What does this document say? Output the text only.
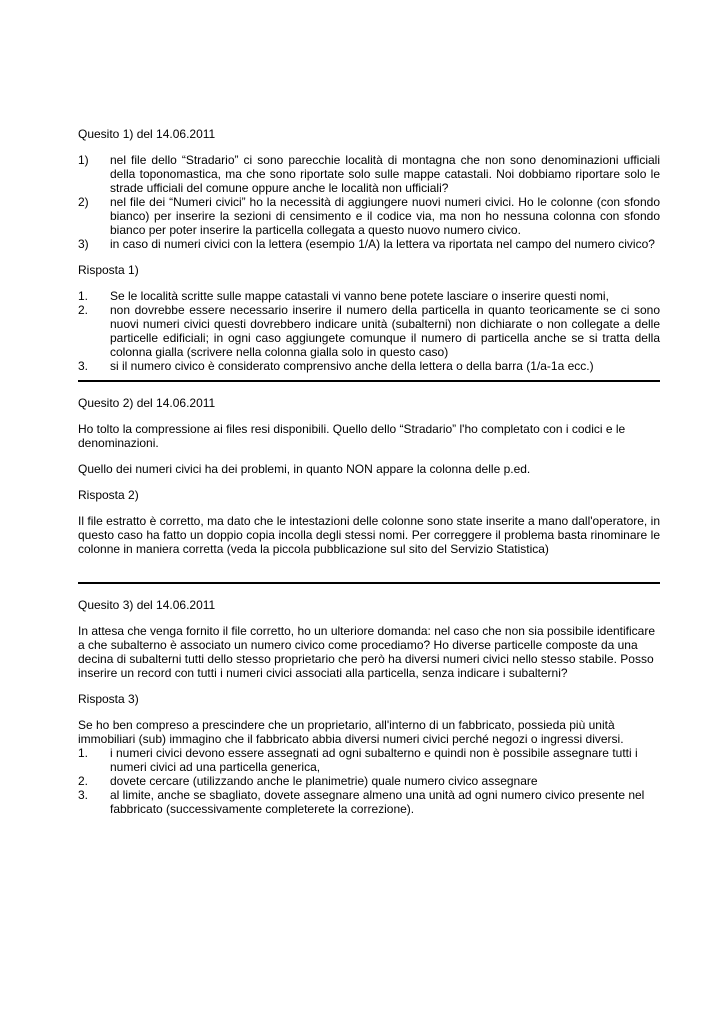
Quesito 1) del 14.06.2011

1) nel file dello “Stradario” ci sono parecchie località di montagna che non sono denominazioni ufficiali della toponomastica, ma che sono riportate solo sulle mappe catastali. Noi dobbiamo riportare solo le strade ufficiali del comune oppure anche le località non ufficiali?
2) nel file dei “Numeri civici” ho la necessità di aggiungere nuovi numeri civici. Ho le colonne (con sfondo bianco) per inserire la sezioni di censimento e il codice via, ma non ho nessuna colonna con sfondo bianco per poter inserire la particella collegata a questo nuovo numero civico.
3) in caso di numeri civici con la lettera (esempio 1/A) la lettera va riportata nel campo del numero civico?

Risposta 1)

1. Se le località scritte sulle mappe catastali vi vanno bene potete lasciare o inserire questi nomi,
2. non dovrebbe essere necessario inserire il numero della particella in quanto teoricamente se ci sono nuovi numeri civici questi dovrebbero indicare unità (subalterni) non dichiarate o non collegate a delle particelle edificiali; in ogni caso aggiungete comunque il numero di particella anche se si tratta della colonna gialla (scrivere nella colonna gialla solo in questo caso)
3. si il numero civico è considerato comprensivo anche della lettera o della barra (1/a-1a ecc.)

Quesito 2) del 14.06.2011

Ho tolto la compressione ai files resi disponibili. Quello dello “Stradario” l'ho completato con i codici e le denominazioni.

Quello dei numeri civici ha dei problemi, in quanto NON appare la colonna delle p.ed.

Risposta 2)

Il file estratto è corretto, ma dato che le intestazioni delle colonne sono state inserite a mano dall'operatore, in questo caso ha fatto un doppio copia incolla degli stessi nomi. Per correggere il problema basta rinominare le colonne in maniera corretta (veda la piccola pubblicazione sul sito del Servizio Statistica)

Quesito 3) del 14.06.2011

In attesa che venga fornito il file corretto, ho un ulteriore domanda: nel caso che non sia possibile identificare a che subalterno è associato un numero civico come procediamo? Ho diverse particelle composte da una decina di subalterni tutti dello stesso proprietario che però ha diversi numeri civici nello stesso stabile. Posso inserire un record con tutti i numeri civici associati alla particella, senza indicare i subalterni?

Risposta 3)

Se ho ben compreso a prescindere che un proprietario, all'interno di un fabbricato, possieda più unità immobiliari (sub) immagino che il fabbricato abbia diversi numeri civici perché negozi o ingressi diversi.

1. i numeri civici devono essere assegnati ad ogni subalterno e quindi non è possibile assegnare tutti i numeri civici ad una particella generica,
2. dovete cercare (utilizzando anche le planimetrie) quale numero civico assegnare
3. al limite, anche se sbagliato, dovete assegnare almeno una unità ad ogni numero civico presente nel fabbricato (successivamente completerete la correzione).
